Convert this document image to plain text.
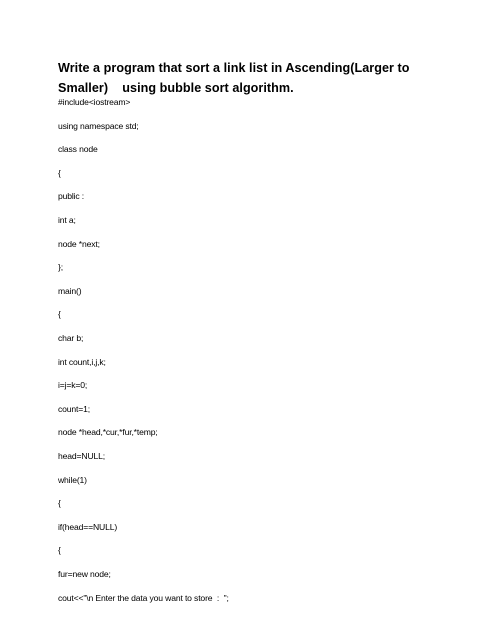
Write a program that sort a link list in Ascending(Larger to
Smaller)    using bubble sort algorithm.
#include<iostream>
using namespace std;
class node
{
public :
int a;
node *next;
};
main()
{
char b;
int count,i,j,k;
i=j=k=0;
count=1;
node *head,*cur,*fur,*temp;
head=NULL;
while(1)
{
if(head==NULL)
{
fur=new node;
cout<<"\n Enter the data you want to store  :  ";
